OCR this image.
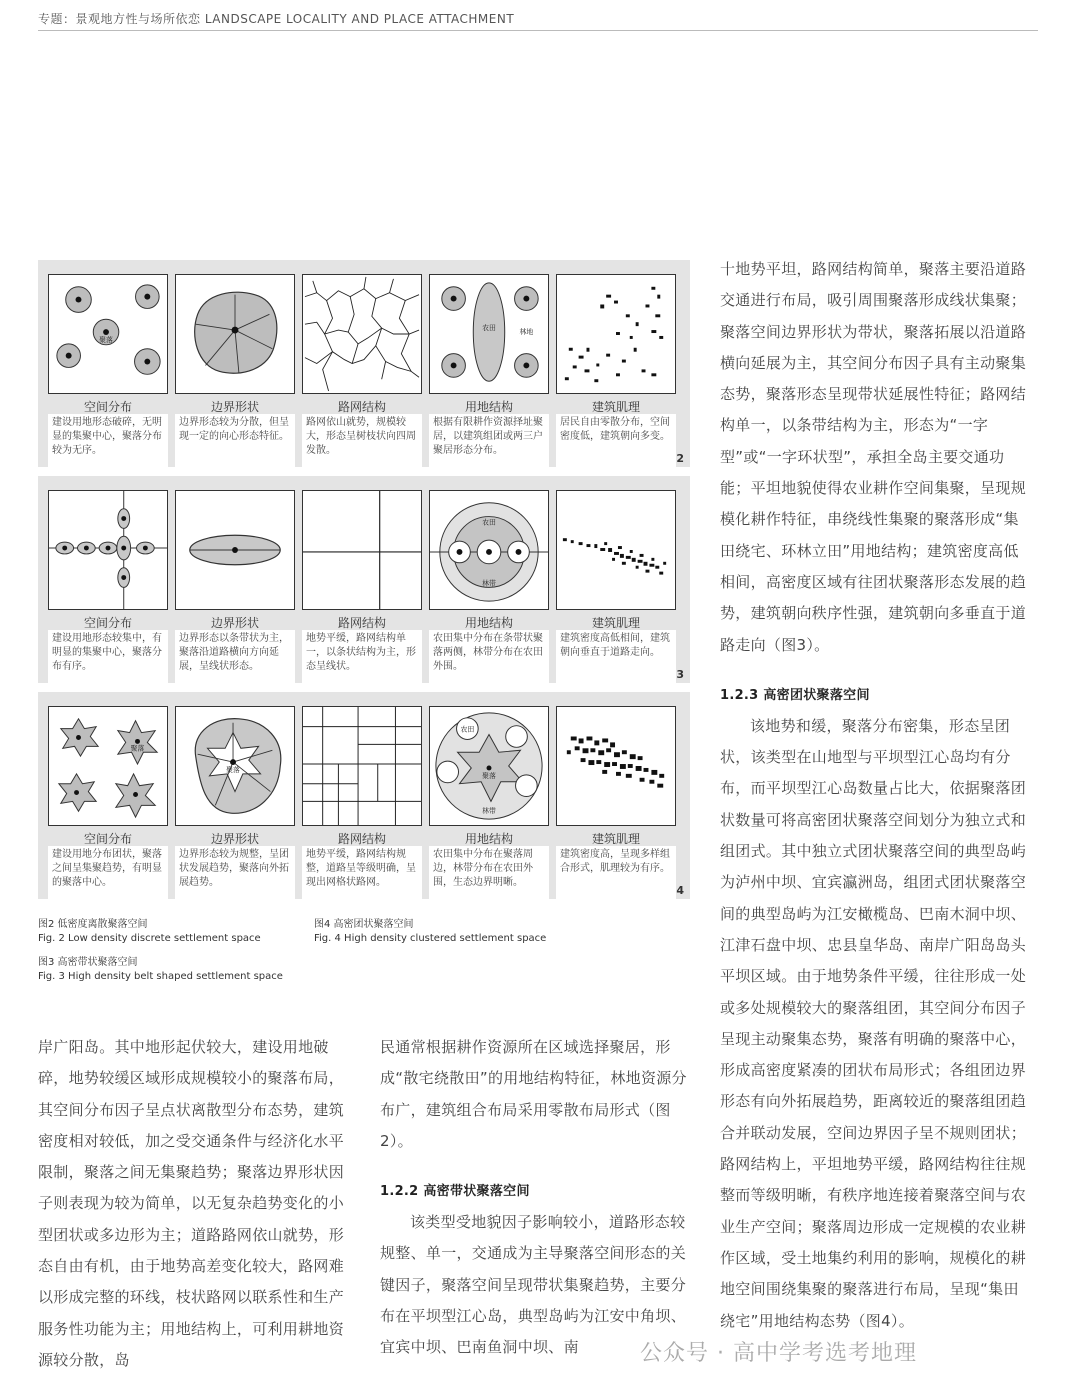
专题：景观地方性与场所依恋 LANDSCAPE LOCALITY AND PLACE ATTACHMENT
聚落
空间分布
建设用地形态破碎，无明显的集聚中心，聚落分布较为无序。
边界形状
边界形态较为分散，但呈现一定的向心形态特征。
路网结构
路网依山就势，规模较大，形态呈树枝状向四周发散。
农田	林地
用地结构
根据有限耕作资源择址聚居，以建筑组团或两三户聚居形态分布。
建筑肌理
居民自由零散分布，空间密度低，建筑朝向多变。
2
空间分布
建设用地形态较集中，有明显的集聚中心，聚落分布有序。
边界形状
边界形态以条带状为主，聚落沿道路横向方向延展，呈线状形态。
路网结构
地势平缓，路网结构单一，以条状结构为主，形态呈线状。
农田
林带
用地结构
农田集中分布在条带状聚落两侧，林带分布在农田外围。
建筑肌理
建筑密度高低相间，建筑朝向垂直于道路走向。
3
聚落
空间分布
建设用地分布团状，聚落之间呈集聚趋势，有明显的聚落中心。
聚落
边界形状
边界形态较为规整，呈团状发展趋势，聚落向外拓展趋势。
路网结构
地势平缓，路网结构规整，道路呈等级明确，呈现出网格状路网。
农田
聚落
林带
用地结构
农田集中分布在聚落周边，林带分布在农田外围，生态边界明晰。
建筑肌理
建筑密度高，呈现多样组合形式，肌理较为有序。
4
图2 低密度离散聚落空间
Fig. 2 Low density discrete settlement space
图3 高密带状聚落空间
Fig. 3 High density belt shaped settlement space
图4 高密团状聚落空间
Fig. 4 High density clustered settlement space

十地势平坦，路网结构简单，聚落主要沿道路交通进行布局，吸引周围聚落形成线状集聚；聚落空间边界形状为带状，聚落拓展以沿道路横向延展为主，其空间分布因子具有主动聚集态势，聚落形态呈现带状延展性特征；路网结构单一，以条带结构为主，形态为“一字型”或“一字环状型”，承担全岛主要交通功能；平坦地貌使得农业耕作空间集聚，呈现规模化耕作特征，串绕线性集聚的聚落形成“集田绕宅、环林立田”用地结构；建筑密度高低相间，高密度区域有往团状聚落形态发展的趋势，建筑朝向秩序性强，建筑朝向多垂直于道路走向（图3）。

1.2.3 高密团状聚落空间

该地势和缓，聚落分布密集，形态呈团状，该类型在山地型与平坝型江心岛均有分布，而平坝型江心岛数量占比大，依据聚落团状数量可将高密团状聚落空间划分为独立式和组团式。其中独立式团状聚落空间的典型岛屿为泸州中坝、宜宾瀛洲岛，组团式团状聚落空间的典型岛屿为江安橄榄岛、巴南木洞中坝、江津石盘中坝、忠县皇华岛、南岸广阳岛岛头平坝区域。由于地势条件平缓，往往形成一处或多处规模较大的聚落组团，其空间分布因子呈现主动聚集态势，聚落有明确的聚落中心，形成高密度紧凑的团状布局形式；各组团边界形态有向外拓展趋势，距离较近的聚落组团趋合并联动发展，空间边界因子呈不规则团状；路网结构上，平坦地势平缓，路网结构往往规整而等级明晰，有秩序地连接着聚落空间与农业生产空间；聚落周边形成一定规模的农业耕作区域，受土地集约利用的影响，规模化的耕地空间围绕集聚的聚落进行布局，呈现“集田绕宅”用地结构态势（图4）。

岸广阳岛。其中地形起伏较大，建设用地破碎，地势较缓区域形成规模较小的聚落布局，其空间分布因子呈点状离散型分布态势，建筑密度相对较低，加之受交通条件与经济化水平限制，聚落之间无集聚趋势；聚落边界形状因子则表现为较为简单，以无复杂趋势变化的小型团状或多边形为主；道路路网依山就势，形态自由有机，由于地势高差变化较大，路网难以形成完整的环线，枝状路网以联系性和生产服务性功能为主；用地结构上，可利用耕地资源较分散，岛

民通常根据耕作资源所在区域选择聚居，形成“散宅绕散田”的用地结构特征，林地资源分布广，建筑组合布局采用零散布局形式（图2）。

1.2.2 高密带状聚落空间

该类型受地貌因子影响较小，道路形态较规整、单一，交通成为主导聚落空间形态的关键因子，聚落空间呈现带状集聚趋势，主要分布在平坝型江心岛，典型岛屿为江安中角坝、宜宾中坝、巴南鱼洞中坝、南	公众号 · 高中学考选考地理
